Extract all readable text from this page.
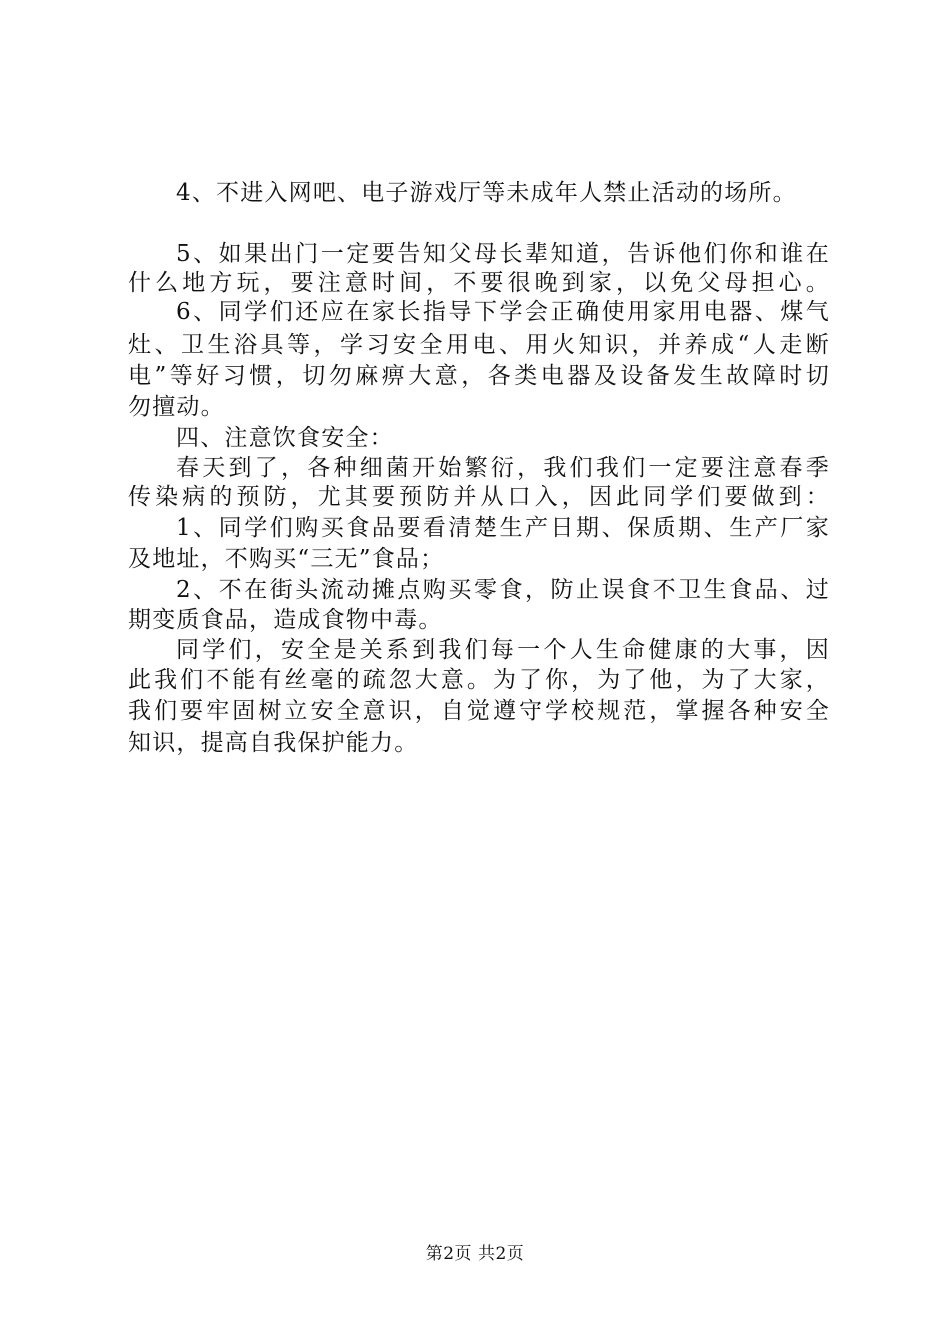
4、不进入网吧、电子游戏厅等未成年人禁止活动的场所。
5、如果出门一定要告知父母长辈知道，告诉他们你和谁在
什么地方玩，要注意时间，不要很晚到家，以免父母担心。
6、同学们还应在家长指导下学会正确使用家用电器、煤气
灶、卫生浴具等，学习安全用电、用火知识，并养成“人走断
电”等好习惯，切勿麻痹大意，各类电器及设备发生故障时切
勿擅动。
四、注意饮食安全：
春天到了，各种细菌开始繁衍，我们我们一定要注意春季
传染病的预防，尤其要预防并从口入，因此同学们要做到：
1、同学们购买食品要看清楚生产日期、保质期、生产厂家
及地址，不购买“三无”食品；
2、不在街头流动摊点购买零食，防止误食不卫生食品、过
期变质食品，造成食物中毒。
同学们，安全是关系到我们每一个人生命健康的大事，因
此我们不能有丝毫的疏忽大意。为了你，为了他，为了大家，
我们要牢固树立安全意识，自觉遵守学校规范，掌握各种安全
知识，提高自我保护能力。
第2页 共2页
